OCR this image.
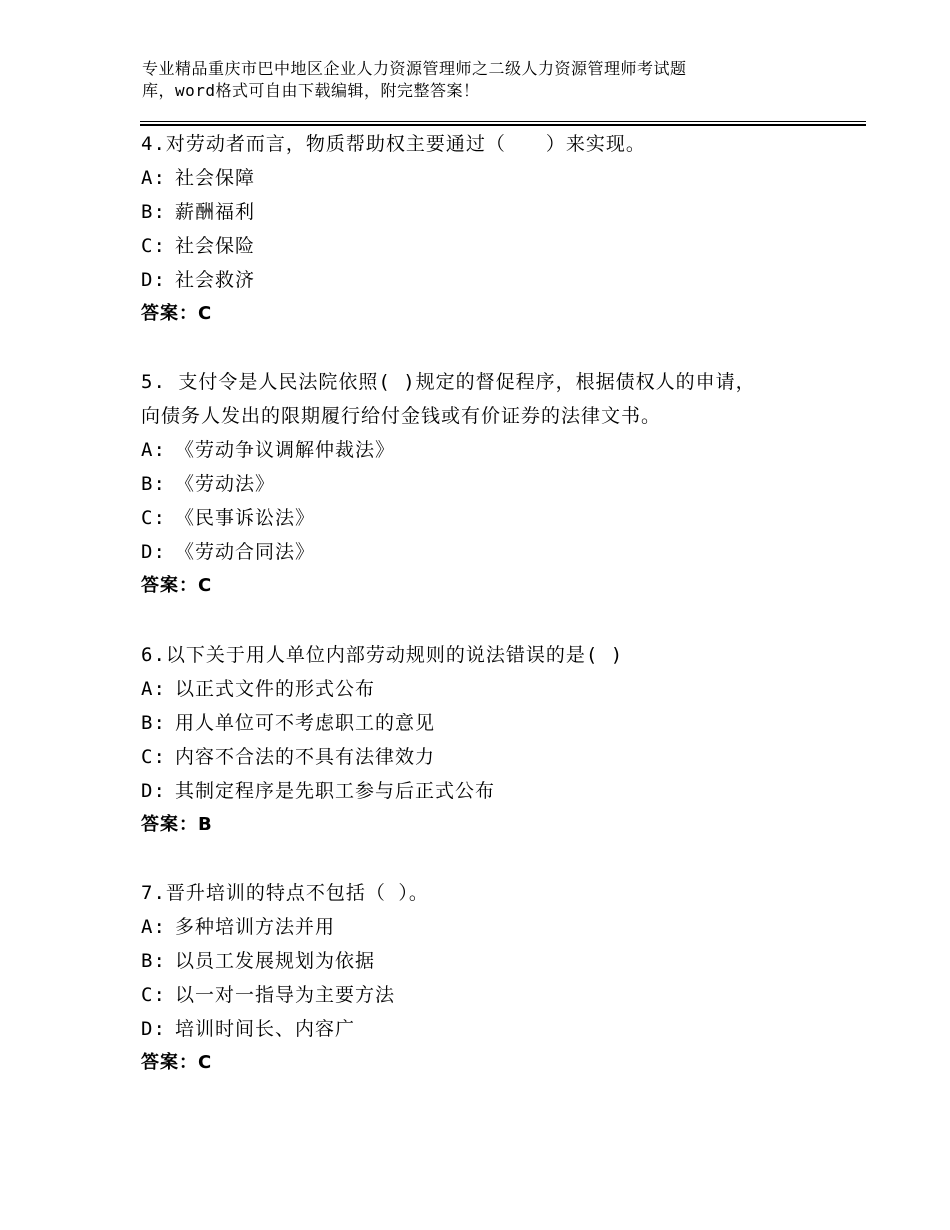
专业精品重庆市巴中地区企业人力资源管理师之二级人力资源管理师考试题
库，word格式可自由下载编辑，附完整答案！
4.对劳动者而言，物质帮助权主要通过（　　）来实现。
A: 社会保障
B: 薪酬福利
C: 社会保险
D: 社会救济
答案：C
5. 支付令是人民法院依照( )规定的督促程序，根据债权人的申请，
向债务人发出的限期履行给付金钱或有价证券的法律文书。
A: 《劳动争议调解仲裁法》
B: 《劳动法》
C: 《民事诉讼法》
D: 《劳动合同法》
答案：C
6.以下关于用人单位内部劳动规则的说法错误的是( )
A: 以正式文件的形式公布
B: 用人单位可不考虑职工的意见
C: 内容不合法的不具有法律效力
D: 其制定程序是先职工参与后正式公布
答案：B
7.晋升培训的特点不包括（ ）。
A: 多种培训方法并用
B: 以员工发展规划为依据
C: 以一对一指导为主要方法
D: 培训时间长、内容广
答案：C
